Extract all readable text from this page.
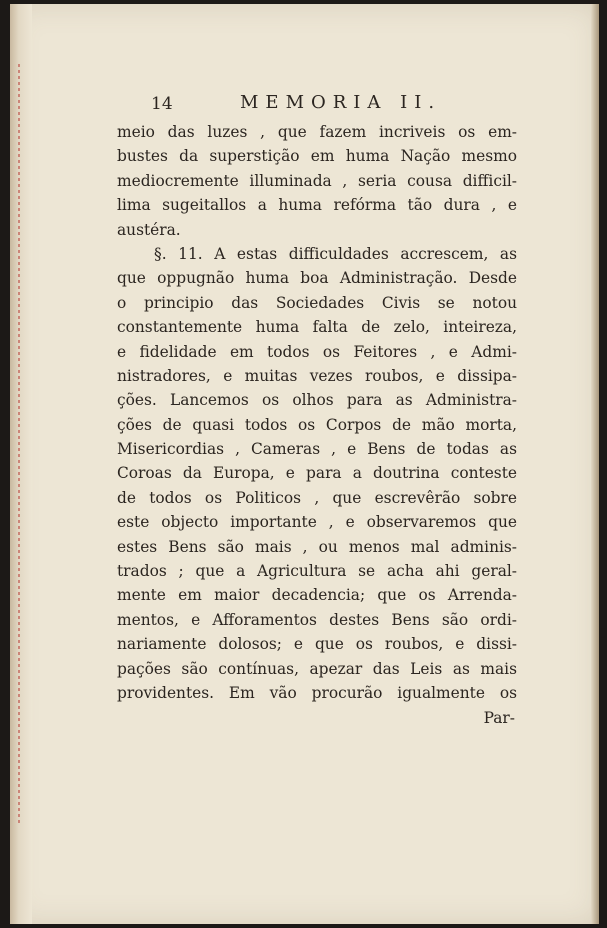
14	MEMORIA II.
meio das luzes , que fazem incriveis os em-
bustes da superstição em huma Nação mesmo
mediocremente illuminada , seria cousa difficil-
lima sugeitallos a huma refórma tão dura , e
austéra.
§. 11. A estas difficuldades accrescem, as
que oppugnão huma boa Administração. Desde
o principio das Sociedades Civis se notou
constantemente huma falta de zelo, inteireza,
e fidelidade em todos os Feitores , e Admi-
nistradores, e muitas vezes roubos, e dissipa-
ções. Lancemos os olhos para as Administra-
ções de quasi todos os Corpos de mão morta,
Misericordias , Cameras , e Bens de todas as
Coroas da Europa, e para a doutrina conteste
de todos os Politicos , que escrevêrão sobre
este objecto importante , e observaremos que
estes Bens são mais , ou menos mal adminis-
trados ; que a Agricultura se acha ahi geral-
mente em maior decadencia; que os Arrenda-
mentos, e Afforamentos destes Bens são ordi-
nariamente dolosos; e que os roubos, e dissi-
pações são contínuas, apezar das Leis as mais
providentes. Em vão procurão igualmente os
Par-
